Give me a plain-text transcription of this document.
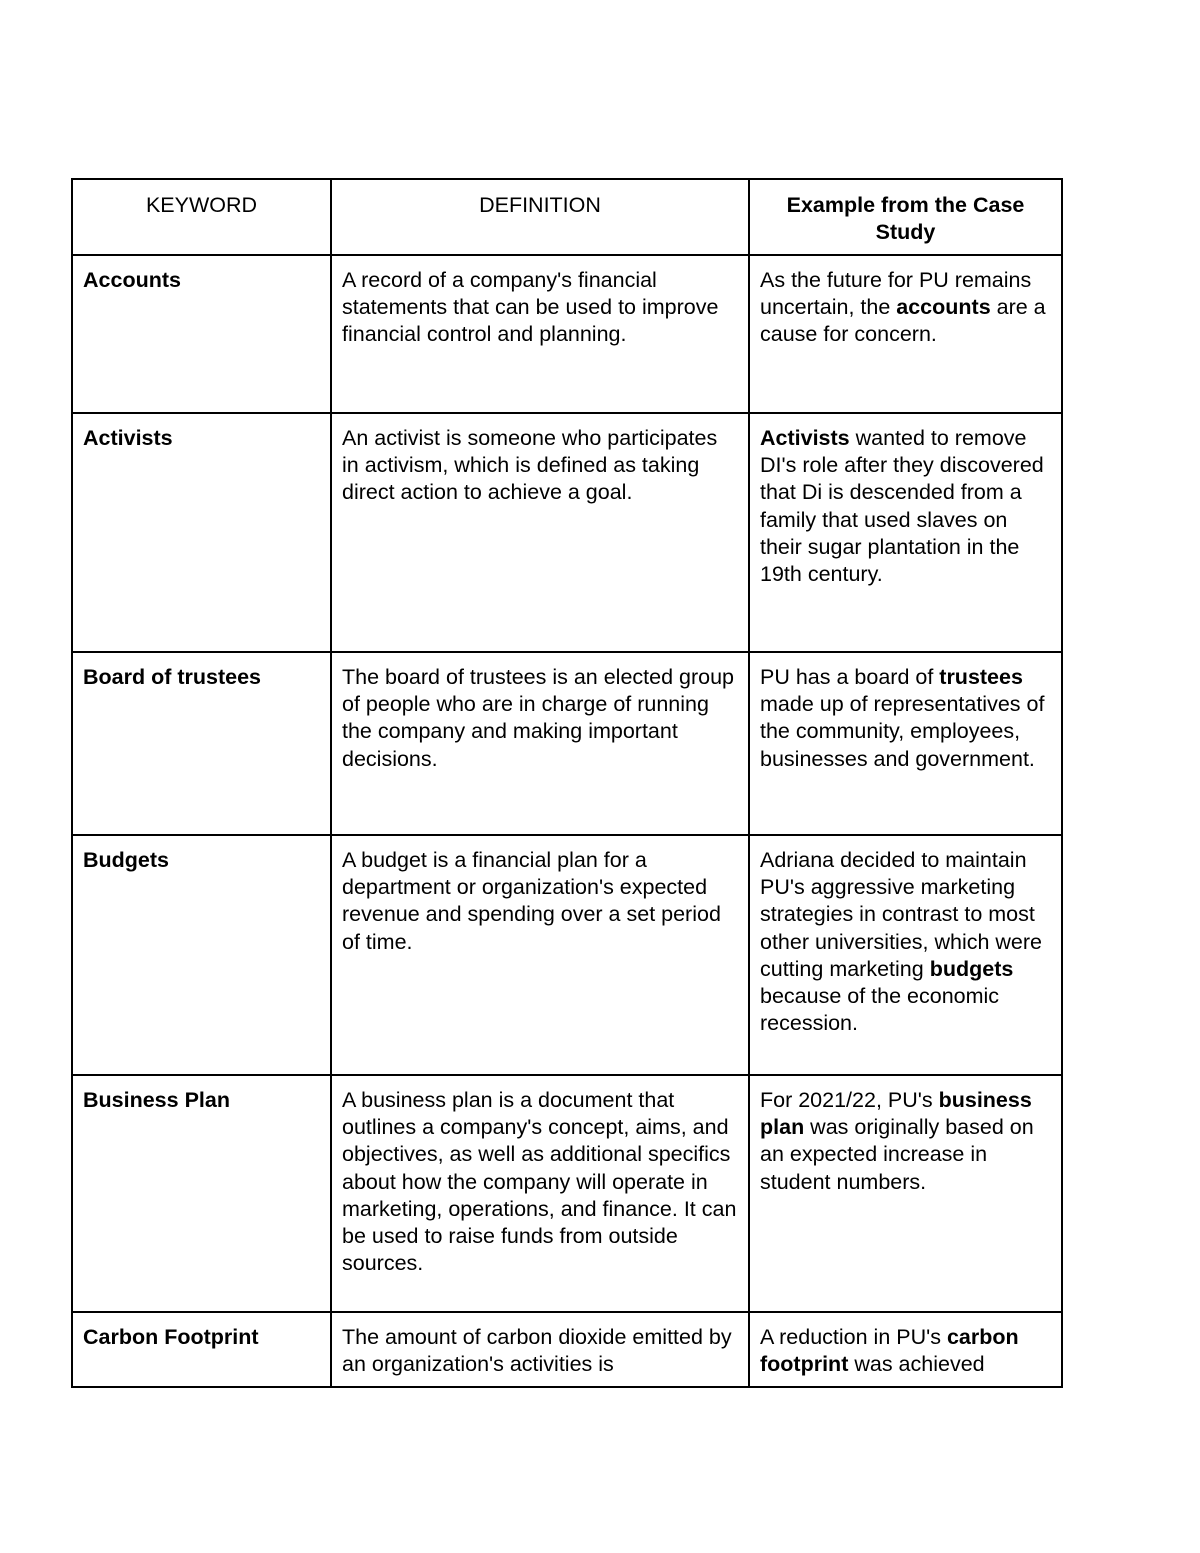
KEYWORD	DEFINITION	Example from the Case Study
Accounts	A record of a company's financial statements that can be used to improve financial control and planning.	As the future for PU remains uncertain, the accounts are a cause for concern.
Activists	An activist is someone who participates in activism, which is defined as taking direct action to achieve a goal.	Activists wanted to remove DI's role after they discovered that Di is descended from a family that used slaves on their sugar plantation in the 19th century.
Board of trustees	The board of trustees is an elected group of people who are in charge of running the company and making important decisions.	PU has a board of trustees made up of representatives of the community, employees, businesses and government.
Budgets	A budget is a financial plan for a department or organization's expected revenue and spending over a set period of time.	Adriana decided to maintain PU's aggressive marketing strategies in contrast to most other universities, which were cutting marketing budgets because of the economic recession.
Business Plan	A business plan is a document that outlines a company's concept, aims, and objectives, as well as additional specifics about how the company will operate in marketing, operations, and finance. It can be used to raise funds from outside sources.	For 2021/22, PU's business plan was originally based on an expected increase in student numbers.
Carbon Footprint	The amount of carbon dioxide emitted by an organization's activities is	A reduction in PU's carbon footprint was achieved
